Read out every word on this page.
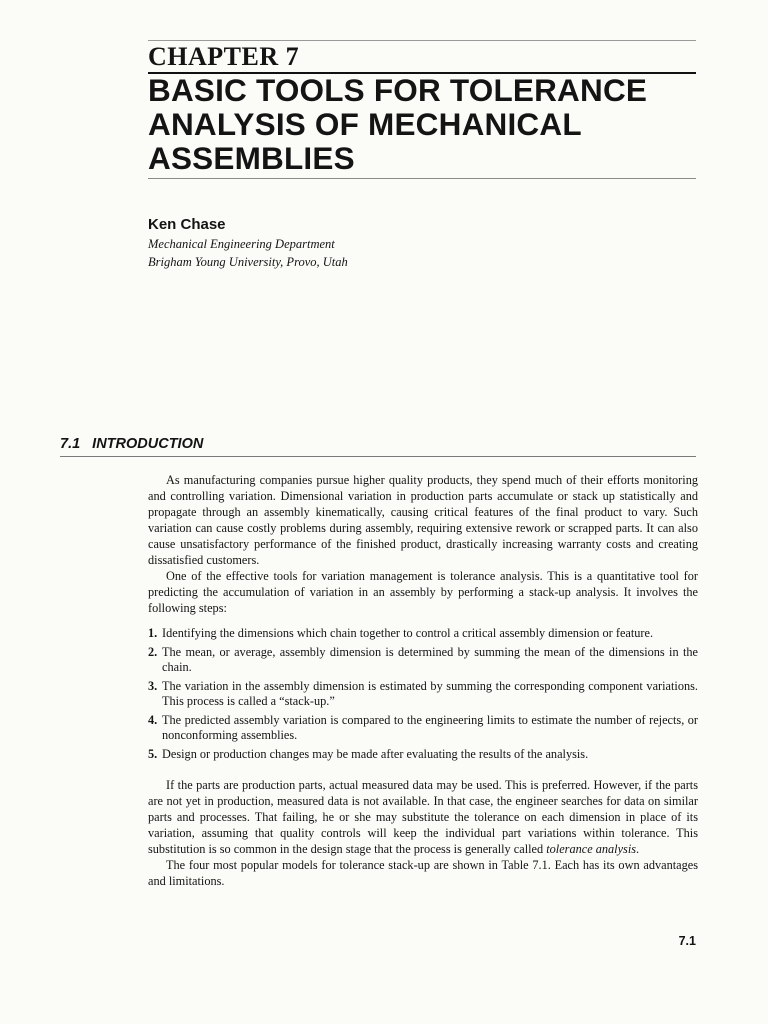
CHAPTER 7
BASIC TOOLS FOR TOLERANCE
ANALYSIS OF MECHANICAL
ASSEMBLIES
Ken Chase
Mechanical Engineering Department
Brigham Young University, Provo, Utah
7.1 INTRODUCTION

As manufacturing companies pursue higher quality products, they spend much of their efforts monitoring and controlling variation. Dimensional variation in production parts accumulate or stack up statistically and propagate through an assembly kinematically, causing critical features of the final product to vary. Such variation can cause costly problems during assembly, requiring extensive rework or scrapped parts. It can also cause unsatisfactory performance of the finished product, drastically increasing warranty costs and creating dissatisfied customers.

One of the effective tools for variation management is tolerance analysis. This is a quantitative tool for predicting the accumulation of variation in an assembly by performing a stack-up analysis. It involves the following steps:

1. Identifying the dimensions which chain together to control a critical assembly dimension or feature.
2. The mean, or average, assembly dimension is determined by summing the mean of the dimensions in the chain.
3. The variation in the assembly dimension is estimated by summing the corresponding component variations. This process is called a “stack-up.”
4. The predicted assembly variation is compared to the engineering limits to estimate the number of rejects, or nonconforming assemblies.
5. Design or production changes may be made after evaluating the results of the analysis.

If the parts are production parts, actual measured data may be used. This is preferred. However, if the parts are not yet in production, measured data is not available. In that case, the engineer searches for data on similar parts and processes. That failing, he or she may substitute the tolerance on each dimension in place of its variation, assuming that quality controls will keep the individual part variations within tolerance. This substitution is so common in the design stage that the process is generally called tolerance analysis.

The four most popular models for tolerance stack-up are shown in Table 7.1. Each has its own advantages and limitations.

7.1
